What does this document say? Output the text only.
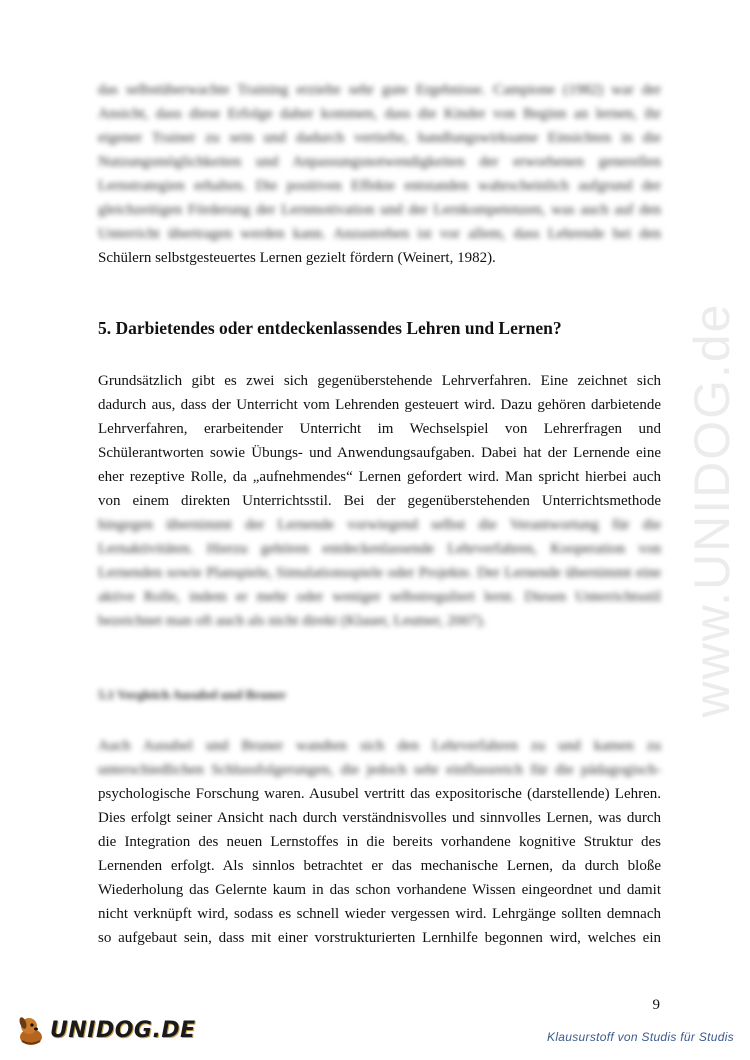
www.UNIDOG.de
das selbstüberwachte Training erzielte sehr gute Ergebnisse. Campione (1982) war der
Ansicht, dass diese Erfolge daher kommen, dass die Kinder von Beginn an lernen, ihr
eigener Trainer zu sein und dadurch vertiefte, handlungswirksame Einsichten in die
Nutzungsmöglichkeiten und Anpassungsnotwendigkeiten der erworbenen generellen
Lernstrategien erhalten. Die positiven Effekte entstanden wahrscheinlich aufgrund der
gleichzeitigen Förderung der Lernmotivation und der Lernkompetenzen, was auch auf den
Unterricht übertragen werden kann. Anzustreben ist vor allem, dass Lehrende bei den
Schülern selbstgesteuertes Lernen gezielt fördern (Weinert, 1982).
5. Darbietendes oder entdeckenlassendes Lehren und Lernen?
Grundsätzlich gibt es zwei sich gegenüberstehende Lehrverfahren. Eine zeichnet sich
dadurch aus, dass der Unterricht vom Lehrenden gesteuert wird. Dazu gehören darbietende
Lehrverfahren, erarbeitender Unterricht im Wechselspiel von Lehrerfragen und
Schülerantworten sowie Übungs- und Anwendungsaufgaben. Dabei hat der Lernende eine
eher rezeptive Rolle, da „aufnehmendes“ Lernen gefordert wird. Man spricht hierbei auch
von einem direkten Unterrichtsstil. Bei der gegenüberstehenden Unterrichtsmethode
hingegen übernimmt der Lernende vorwiegend selbst die Verantwortung für die
Lernaktivitäten. Hierzu gehören entdeckenlassende Lehrverfahren, Kooperation von
Lernenden sowie Planspiele, Simulationsspiele oder Projekte. Der Lernende übernimmt eine
aktive Rolle, indem er mehr oder weniger selbstreguliert lernt. Diesen Unterrichtsstil
bezeichnet man oft auch als nicht direkt (Klauer, Leutner, 2007).
5.1 Vergleich Ausubel und Bruner
Auch Ausubel und Bruner wandten sich den Lehrverfahren zu und kamen zu
unterschiedlichen Schlussfolgerungen, die jedoch sehr einflussreich für die pädagogisch-
psychologische Forschung waren. Ausubel vertritt das expositorische (darstellende) Lehren.
Dies erfolgt seiner Ansicht nach durch verständnisvolles und sinnvolles Lernen, was durch
die Integration des neuen Lernstoffes in die bereits vorhandene kognitive Struktur des
Lernenden erfolgt. Als sinnlos betrachtet er das mechanische Lernen, da durch bloße
Wiederholung das Gelernte kaum in das schon vorhandene Wissen eingeordnet und damit
nicht verknüpft wird, sodass es schnell wieder vergessen wird. Lehrgänge sollten demnach
so aufgebaut sein, dass mit einer vorstrukturierten Lernhilfe begonnen wird, welches ein
9
UNIDOG.DE	Klausurstoff von Studis für Studis
